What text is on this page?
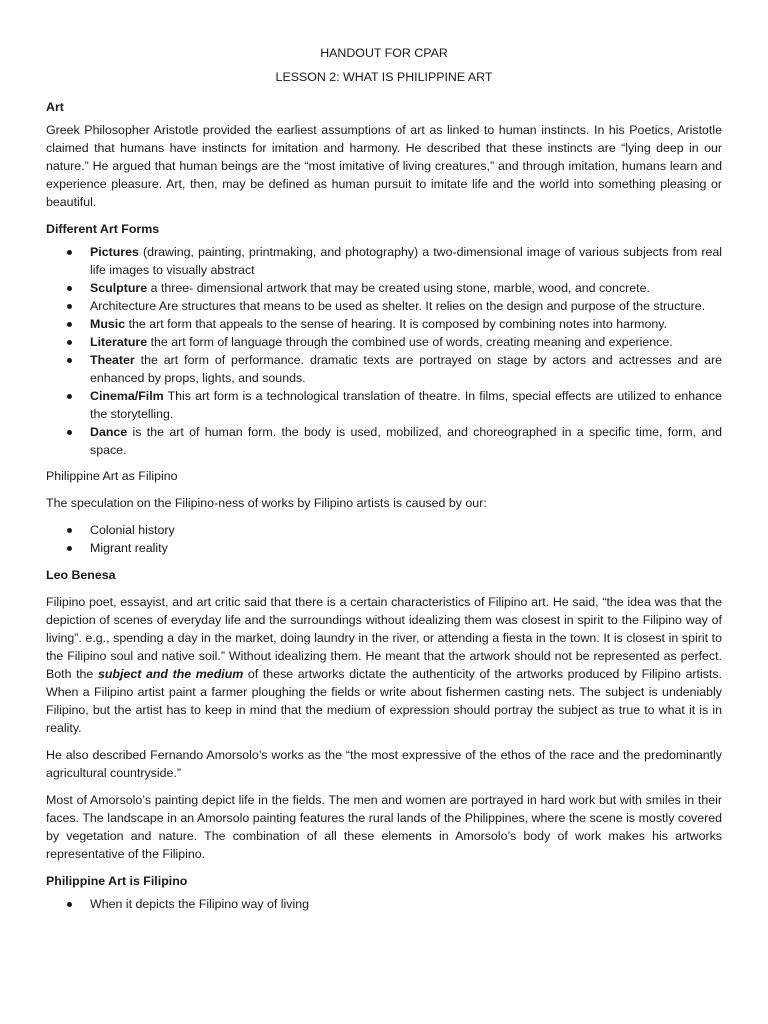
HANDOUT FOR CPAR
LESSON 2: WHAT IS PHILIPPINE ART
Art

Greek Philosopher Aristotle provided the earliest assumptions of art as linked to human instincts. In his Poetics, Aristotle claimed that humans have instincts for imitation and harmony. He described that these instincts are “lying deep in our nature.” He argued that human beings are the “most imitative of living creatures,” and through imitation, humans learn and experience pleasure. Art, then, may be defined as human pursuit to imitate life and the world into something pleasing or beautiful.

Different Art Forms
Pictures (drawing, painting, printmaking, and photography) a two-dimensional image of various subjects from real life images to visually abstract
Sculpture a three- dimensional artwork that may be created using stone, marble, wood, and concrete.
Architecture Are structures that means to be used as shelter. It relies on the design and purpose of the structure.
Music the art form that appeals to the sense of hearing. It is composed by combining notes into harmony.
Literature the art form of language through the combined use of words, creating meaning and experience.
Theater the art form of performance. dramatic texts are portrayed on stage by actors and actresses and are enhanced by props, lights, and sounds.
Cinema/Film This art form is a technological translation of theatre. In films, special effects are utilized to enhance the storytelling.
Dance is the art of human form. the body is used, mobilized, and choreographed in a specific time, form, and space.

Philippine Art as Filipino

The speculation on the Filipino-ness of works by Filipino artists is caused by our:

Colonial history
Migrant reality
Leo Benesa

Filipino poet, essayist, and art critic said that there is a certain characteristics of Filipino art. He said, “the idea was that the depiction of scenes of everyday life and the surroundings without idealizing them was closest in spirit to the Filipino way of living”. e.g., spending a day in the market, doing laundry in the river, or attending a fiesta in the town. It is closest in spirit to the Filipino soul and native soil.” Without idealizing them. He meant that the artwork should not be represented as perfect. Both the subject and the medium of these artworks dictate the authenticity of the artworks produced by Filipino artists. When a Filipino artist paint a farmer ploughing the fields or write about fishermen casting nets. The subject is undeniably Filipino, but the artist has to keep in mind that the medium of expression should portray the subject as true to what it is in reality.

He also described Fernando Amorsolo’s works as the “the most expressive of the ethos of the race and the predominantly agricultural countryside.”

Most of Amorsolo’s painting depict life in the fields. The men and women are portrayed in hard work but with smiles in their faces. The landscape in an Amorsolo painting features the rural lands of the Philippines, where the scene is mostly covered by vegetation and nature. The combination of all these elements in Amorsolo’s body of work makes his artworks representative of the Filipino.

Philippine Art is Filipino
When it depicts the Filipino way of living
